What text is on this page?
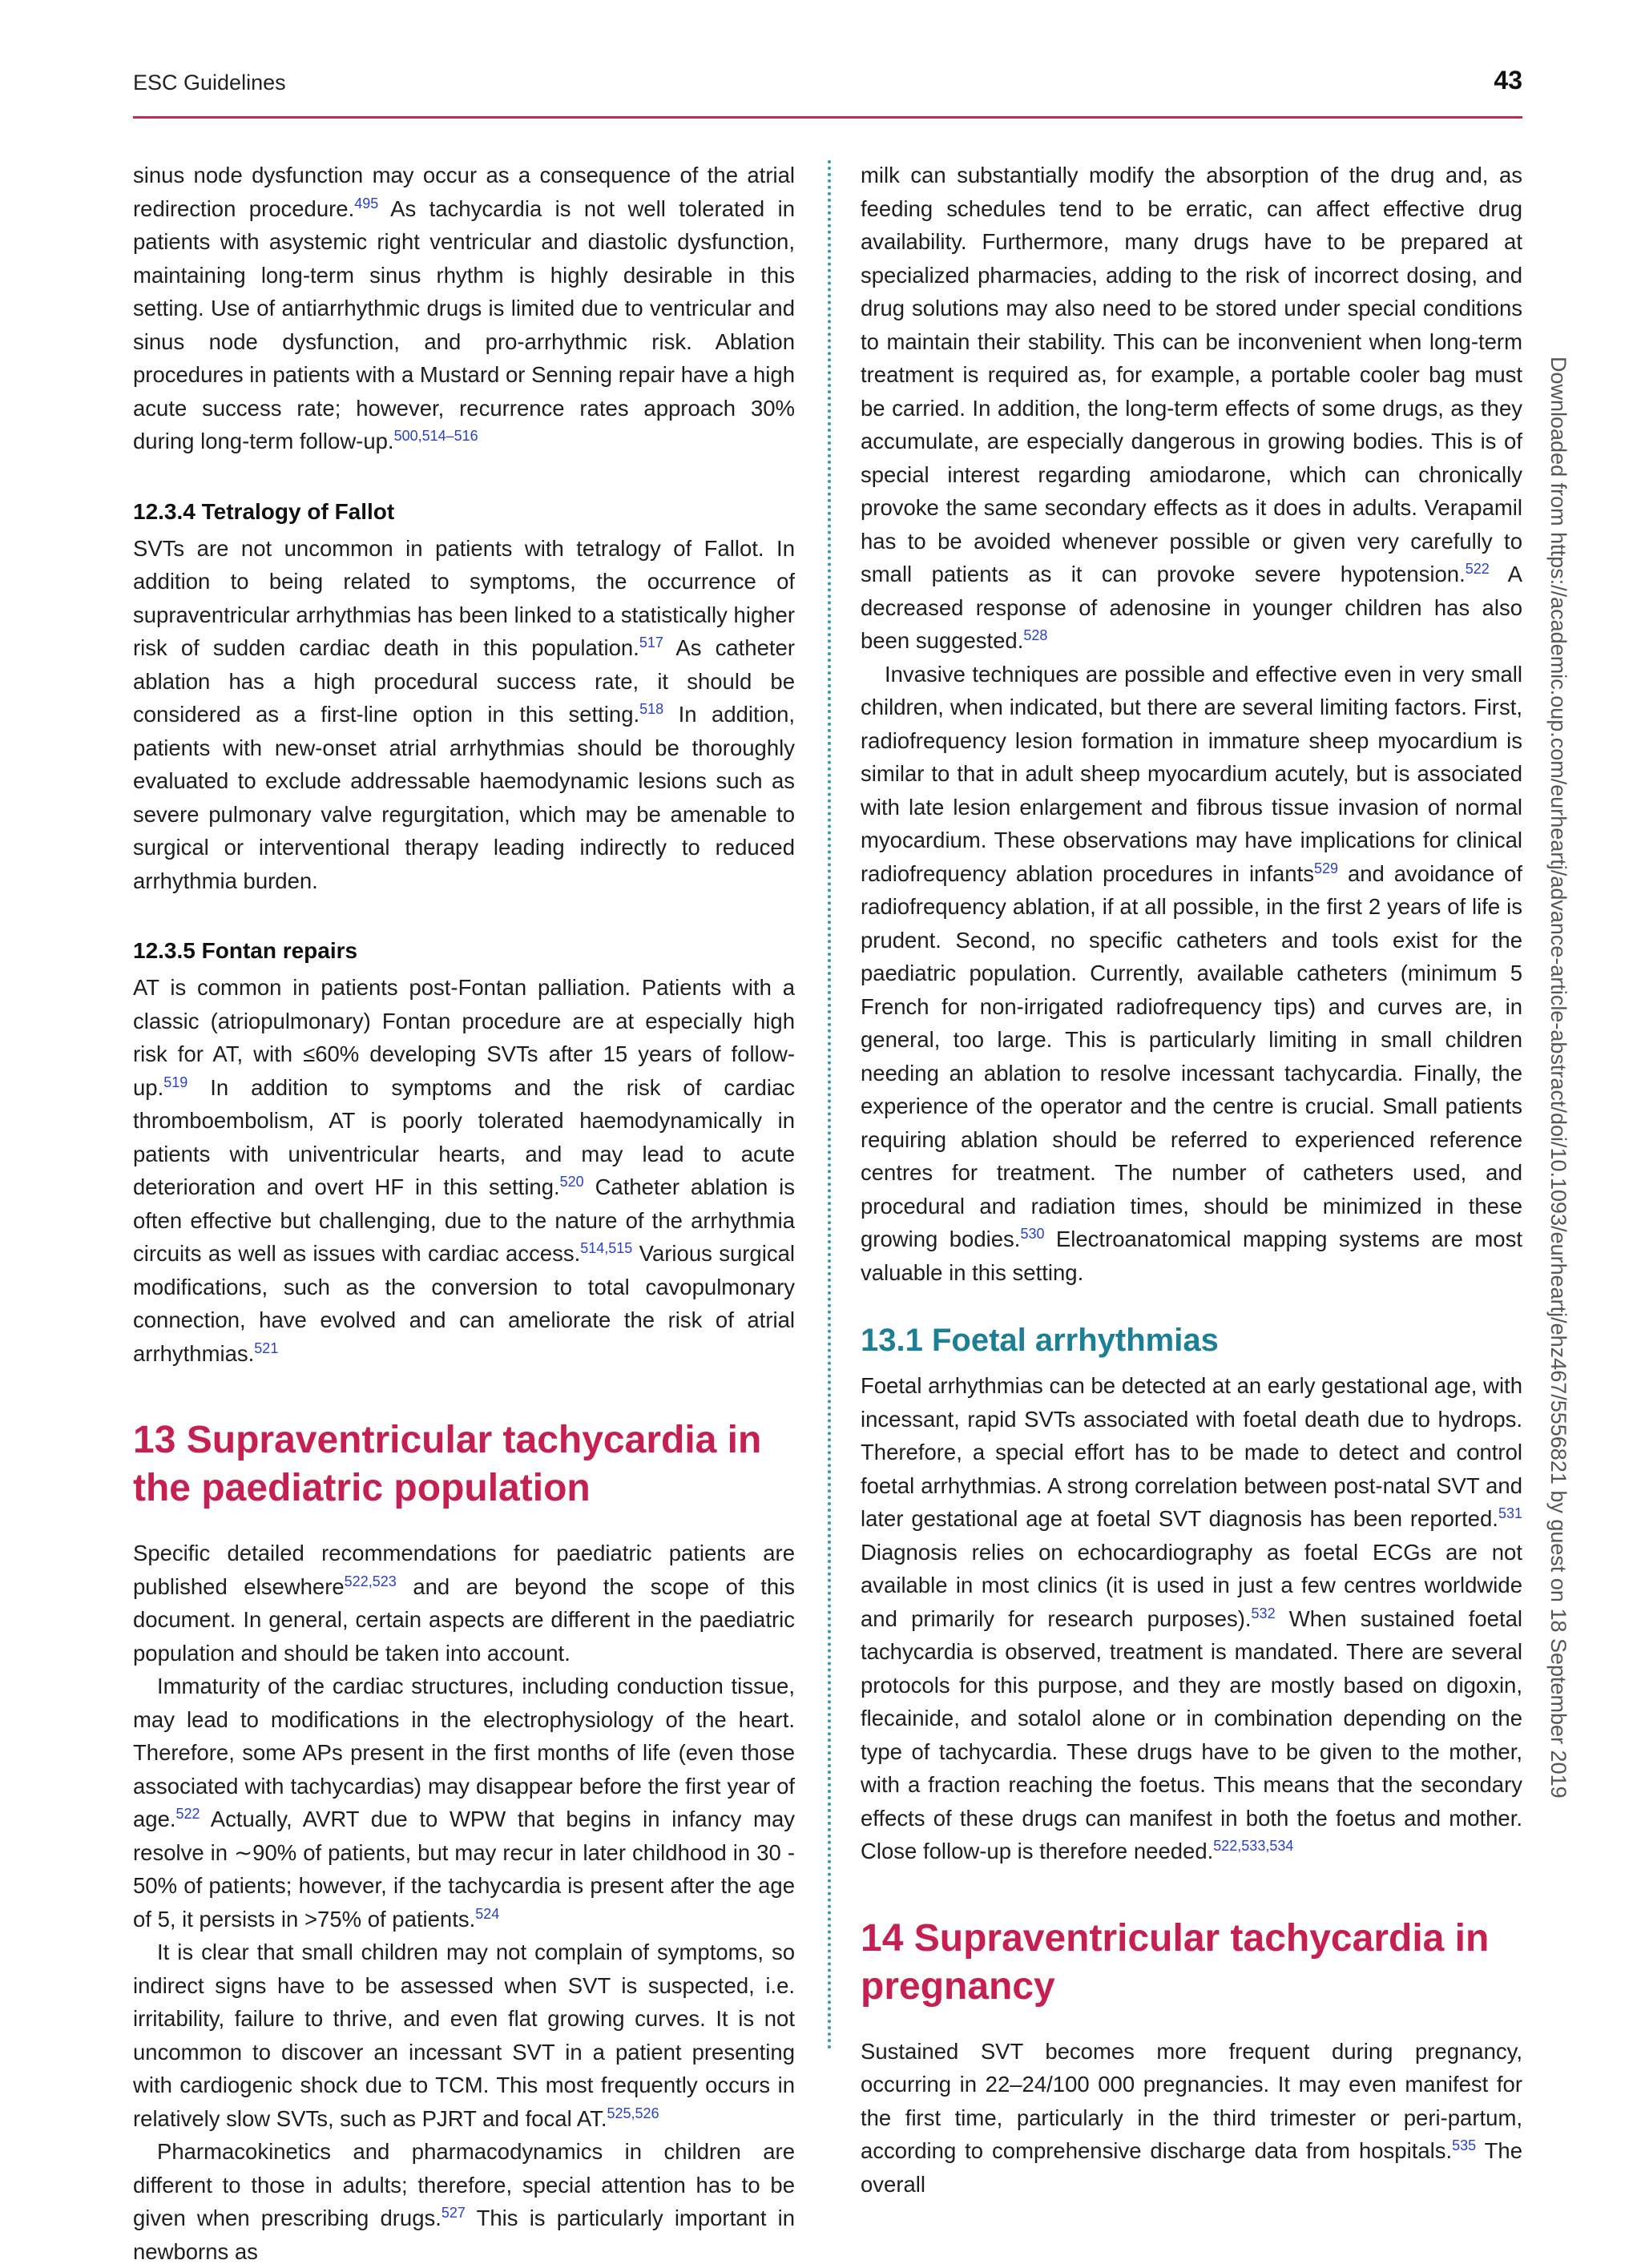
ESC Guidelines	43

sinus node dysfunction may occur as a consequence of the atrial redirection procedure.$^{495}$ As tachycardia is not well tolerated in patients with asystemic right ventricular and diastolic dysfunction, maintaining long-term sinus rhythm is highly desirable in this setting. Use of antiarrhythmic drugs is limited due to ventricular and sinus node dysfunction, and pro-arrhythmic risk. Ablation procedures in patients with a Mustard or Senning repair have a high acute success rate; however, recurrence rates approach 30% during long-term follow-up.$^{500,514-516}$

12.3.4 Tetralogy of Fallot

SVTs are not uncommon in patients with tetralogy of Fallot. In addition to being related to symptoms, the occurrence of supraventricular arrhythmias has been linked to a statistically higher risk of sudden cardiac death in this population.$^{517}$ As catheter ablation has a high procedural success rate, it should be considered as a first-line option in this setting.$^{518}$ In addition, patients with new-onset atrial arrhythmias should be thoroughly evaluated to exclude addressable haemodynamic lesions such as severe pulmonary valve regurgitation, which may be amenable to surgical or interventional therapy leading indirectly to reduced arrhythmia burden.

12.3.5 Fontan repairs

AT is common in patients post-Fontan palliation. Patients with a classic (atriopulmonary) Fontan procedure are at especially high risk for AT, with ≤60% developing SVTs after 15 years of follow-up.$^{519}$ In addition to symptoms and the risk of cardiac thromboembolism, AT is poorly tolerated haemodynamically in patients with univentricular hearts, and may lead to acute deterioration and overt HF in this setting.$^{520}$ Catheter ablation is often effective but challenging, due to the nature of the arrhythmia circuits as well as issues with cardiac access.$^{514,515}$ Various surgical modifications, such as the conversion to total cavopulmonary connection, have evolved and can ameliorate the risk of atrial arrhythmias.$^{521}$

13 Supraventricular tachycardia in the paediatric population

Specific detailed recommendations for paediatric patients are published elsewhere$^{522,523}$ and are beyond the scope of this document. In general, certain aspects are different in the paediatric population and should be taken into account.

Immaturity of the cardiac structures, including conduction tissue, may lead to modifications in the electrophysiology of the heart. Therefore, some APs present in the first months of life (even those associated with tachycardias) may disappear before the first year of age.$^{522}$ Actually, AVRT due to WPW that begins in infancy may resolve in ∼90% of patients, but may recur in later childhood in 30 - 50% of patients; however, if the tachycardia is present after the age of 5, it persists in >75% of patients.$^{524}$

It is clear that small children may not complain of symptoms, so indirect signs have to be assessed when SVT is suspected, i.e. irritability, failure to thrive, and even flat growing curves. It is not uncommon to discover an incessant SVT in a patient presenting with cardiogenic shock due to TCM. This most frequently occurs in relatively slow SVTs, such as PJRT and focal AT.$^{525,526}$

Pharmacokinetics and pharmacodynamics in children are different to those in adults; therefore, special attention has to be given when prescribing drugs.$^{527}$ This is particularly important in newborns as

milk can substantially modify the absorption of the drug and, as feeding schedules tend to be erratic, can affect effective drug availability. Furthermore, many drugs have to be prepared at specialized pharmacies, adding to the risk of incorrect dosing, and drug solutions may also need to be stored under special conditions to maintain their stability. This can be inconvenient when long-term treatment is required as, for example, a portable cooler bag must be carried. In addition, the long-term effects of some drugs, as they accumulate, are especially dangerous in growing bodies. This is of special interest regarding amiodarone, which can chronically provoke the same secondary effects as it does in adults. Verapamil has to be avoided whenever possible or given very carefully to small patients as it can provoke severe hypotension.$^{522}$ A decreased response of adenosine in younger children has also been suggested.$^{528}$

Invasive techniques are possible and effective even in very small children, when indicated, but there are several limiting factors. First, radiofrequency lesion formation in immature sheep myocardium is similar to that in adult sheep myocardium acutely, but is associated with late lesion enlargement and fibrous tissue invasion of normal myocardium. These observations may have implications for clinical radiofrequency ablation procedures in infants$^{529}$ and avoidance of radiofrequency ablation, if at all possible, in the first 2 years of life is prudent. Second, no specific catheters and tools exist for the paediatric population. Currently, available catheters (minimum 5 French for non-irrigated radiofrequency tips) and curves are, in general, too large. This is particularly limiting in small children needing an ablation to resolve incessant tachycardia. Finally, the experience of the operator and the centre is crucial. Small patients requiring ablation should be referred to experienced reference centres for treatment. The number of catheters used, and procedural and radiation times, should be minimized in these growing bodies.$^{530}$ Electroanatomical mapping systems are most valuable in this setting.

13.1 Foetal arrhythmias

Foetal arrhythmias can be detected at an early gestational age, with incessant, rapid SVTs associated with foetal death due to hydrops. Therefore, a special effort has to be made to detect and control foetal arrhythmias. A strong correlation between post-natal SVT and later gestational age at foetal SVT diagnosis has been reported.$^{531}$ Diagnosis relies on echocardiography as foetal ECGs are not available in most clinics (it is used in just a few centres worldwide and primarily for research purposes).$^{532}$ When sustained foetal tachycardia is observed, treatment is mandated. There are several protocols for this purpose, and they are mostly based on digoxin, flecainide, and sotalol alone or in combination depending on the type of tachycardia. These drugs have to be given to the mother, with a fraction reaching the foetus. This means that the secondary effects of these drugs can manifest in both the foetus and mother. Close follow-up is therefore needed.$^{522,533,534}$

14 Supraventricular tachycardia in pregnancy

Sustained SVT becomes more frequent during pregnancy, occurring in 22–24/100 000 pregnancies. It may even manifest for the first time, particularly in the third trimester or peri-partum, according to comprehensive discharge data from hospitals.$^{535}$ The overall

Downloaded from https://academic.oup.com/eurheartj/advance-article-abstract/doi/10.1093/eurheartj/ehz467/5556821 by guest on 18 September 2019
